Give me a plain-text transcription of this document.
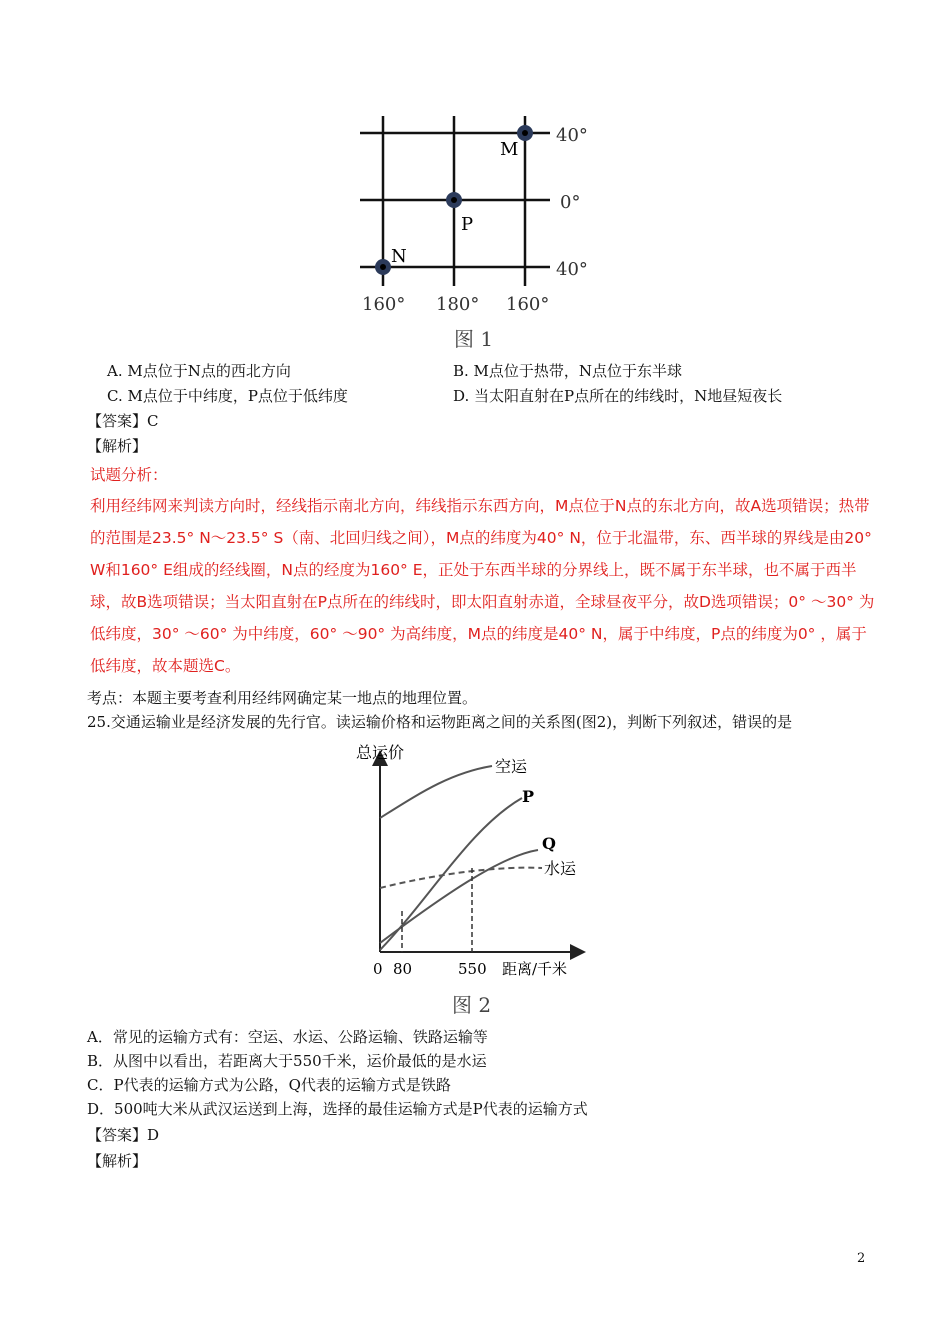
M
P
N
40°
0°
40°
160° 180° 160°
图 1
A. M点位于N点的西北方向	B. M点位于热带，N点位于东半球
C. M点位于中纬度，P点位于低纬度	D. 当太阳直射在P点所在的纬线时，N地昼短夜长
【答案】C
【解析】
试题分析：
利用经纬网来判读方向时，经线指示南北方向，纬线指示东西方向，M点位于N点的东北方向，故A选项错误；热带的范围是23.5° N～23.5° S（南、北回归线之间），M点的纬度为40° N，位于北温带，东、西半球的界线是由20° W和160° E组成的经线圈，N点的经度为160° E，正处于东西半球的分界线上，既不属于东半球，也不属于西半球，故B选项错误；当太阳直射在P点所在的纬线时，即太阳直射赤道，全球昼夜平分，故D选项错误；0° ～30° 为低纬度，30° ～60° 为中纬度，60° ～90° 为高纬度，M点的纬度是40° N，属于中纬度，P点的纬度为0° ，属于低纬度，故本题选C。
考点：本题主要考查利用经纬网确定某一地点的地理位置。
25.交通运输业是经济发展的先行官。读运输价格和运物距离之间的关系图(图2)，判断下列叙述，错误的是
总运价
空运
P
Q
水运
0 80	550 距离/千米
图 2
A．常见的运输方式有：空运、水运、公路运输、铁路运输等
B．从图中以看出，若距离大于550千米，运价最低的是水运
C．P代表的运输方式为公路，Q代表的运输方式是铁路
D．500吨大米从武汉运送到上海，选择的最佳运输方式是P代表的运输方式
【答案】D
【解析】
2
